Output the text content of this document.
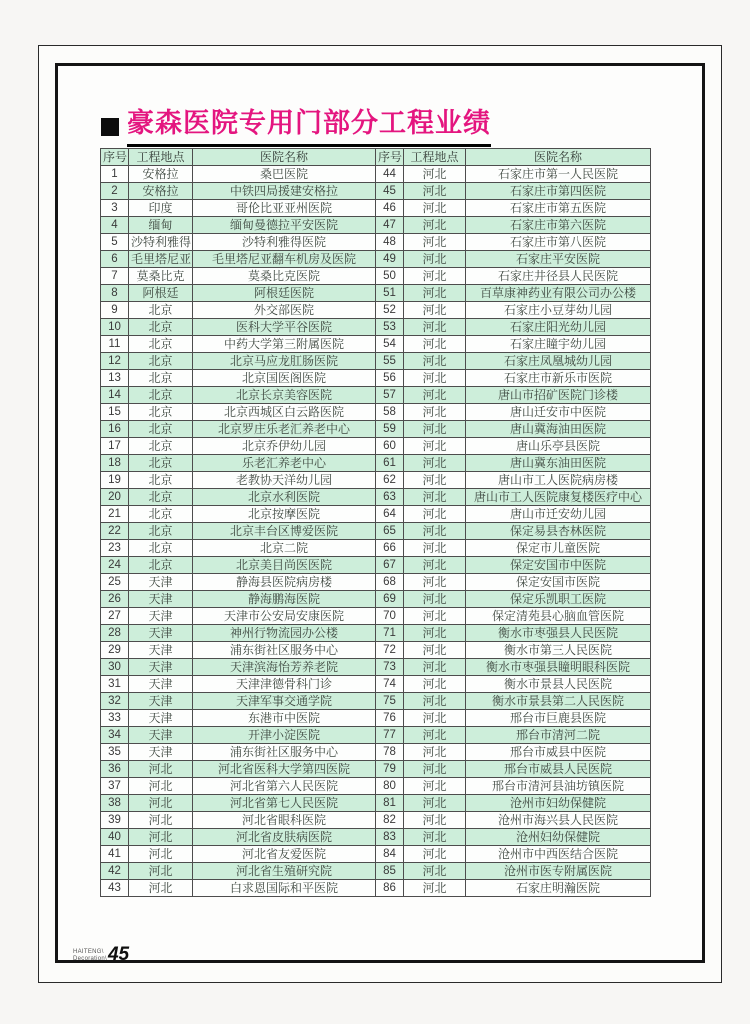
豪森医院专用门部分工程业绩
序号	工程地点	医院名称	序号	工程地点	医院名称
1	安格拉	桑巴医院	44	河北	石家庄市第一人民医院
2	安格拉	中铁四局援建安格拉	45	河北	石家庄市第四医院
3	印度	哥伦比亚亚州医院	46	河北	石家庄市第五医院
4	缅甸	缅甸曼德拉平安医院	47	河北	石家庄市第六医院
5	沙特利雅得	沙特利雅得医院	48	河北	石家庄市第八医院
6	毛里塔尼亚	毛里塔尼亚翻车机房及医院	49	河北	石家庄平安医院
7	莫桑比克	莫桑比克医院	50	河北	石家庄井径县人民医院
8	阿根廷	阿根廷医院	51	河北	百草康神药业有限公司办公楼
9	北京	外交部医院	52	河北	石家庄小豆芽幼儿园
10	北京	医科大学平谷医院	53	河北	石家庄阳光幼儿园
11	北京	中药大学第三附属医院	54	河北	石家庄瞳宇幼儿园
12	北京	北京马应龙肛肠医院	55	河北	石家庄凤凰城幼儿园
13	北京	北京国医阁医院	56	河北	石家庄市新乐市医院
14	北京	北京长京美容医院	57	河北	唐山市招矿医院门诊楼
15	北京	北京西城区白云路医院	58	河北	唐山迁安市中医院
16	北京	北京罗庄乐老汇养老中心	59	河北	唐山冀海油田医院
17	北京	北京乔伊幼儿园	60	河北	唐山乐亭县医院
18	北京	乐老汇养老中心	61	河北	唐山冀东油田医院
19	北京	老教协天洋幼儿园	62	河北	唐山市工人医院病房楼
20	北京	北京水利医院	63	河北	唐山市工人医院康复楼医疗中心
21	北京	北京按摩医院	64	河北	唐山市迁安幼儿园
22	北京	北京丰台区博爱医院	65	河北	保定易县杏林医院
23	北京	北京二院	66	河北	保定市儿童医院
24	北京	北京美目尚医医院	67	河北	保定安国市中医院
25	天津	静海县医院病房楼	68	河北	保定安国市医院
26	天津	静海鹏海医院	69	河北	保定乐凯职工医院
27	天津	天津市公安局安康医院	70	河北	保定清苑县心脑血管医院
28	天津	神州行物流园办公楼	71	河北	衡水市枣强县人民医院
29	天津	浦东街社区服务中心	72	河北	衡水市第三人民医院
30	天津	天津滨海怡芳养老院	73	河北	衡水市枣强县瞳明眼科医院
31	天津	天津津德骨科门诊	74	河北	衡水市景县人民医院
32	天津	天津军事交通学院	75	河北	衡水市景县第二人民医院
33	天津	东港市中医院	76	河北	邢台市巨鹿县医院
34	天津	开津小淀医院	77	河北	邢台市清河二院
35	天津	浦东街社区服务中心	78	河北	邢台市威县中医院
36	河北	河北省医科大学第四医院	79	河北	邢台市威县人民医院
37	河北	河北省第六人民医院	80	河北	邢台市清河县油坊镇医院
38	河北	河北省第七人民医院	81	河北	沧州市妇幼保健院
39	河北	河北省眼科医院	82	河北	沧州市海兴县人民医院
40	河北	河北省皮肤病医院	83	河北	沧州妇幼保健院
41	河北	河北省友爱医院	84	河北	沧州市中西医结合医院
42	河北	河北省生殖研究院	85	河北	沧州市医专附属医院
43	河北	白求恩国际和平医院	86	河北	石家庄明瀚医院
HAITENG\
Decoration\ 45
